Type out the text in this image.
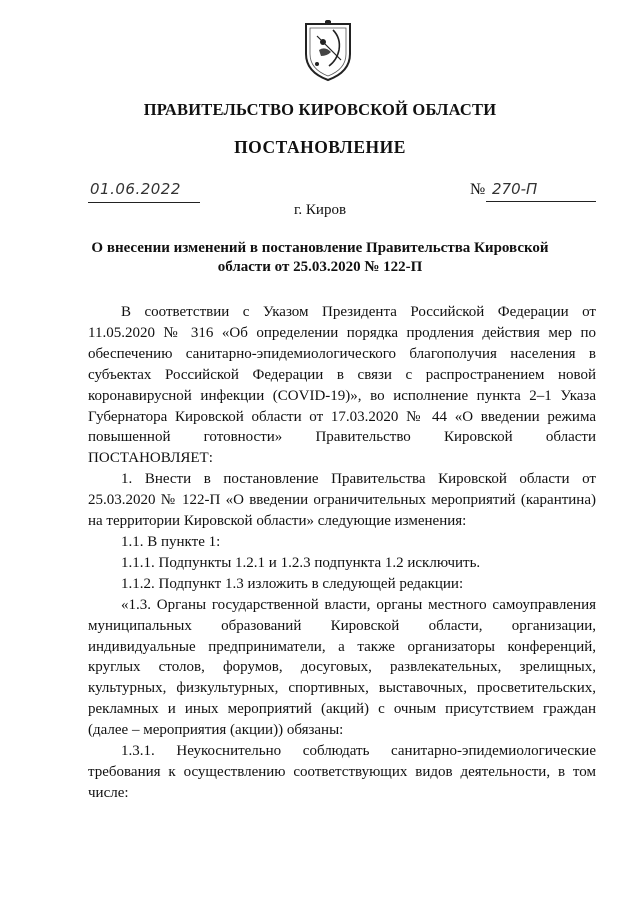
ПРАВИТЕЛЬСТВО КИРОВСКОЙ ОБЛАСТИ
ПОСТАНОВЛЕНИЕ
01.06.2022	№ 270-П
г. Киров
О внесении изменений в постановление Правительства Кировской области от 25.03.2020 № 122-П

В соответствии с Указом Президента Российской Федерации от 11.05.2020 № 316 «Об определении порядка продления действия мер по обеспечению санитарно-эпидемиологического благополучия населения в субъектах Российской Федерации в связи с распространением новой коронавирусной инфекции (COVID-19)», во исполнение пункта 2–1 Указа Губернатора Кировской области от 17.03.2020 № 44 «О введении режима повышенной готовности» Правительство Кировской области ПОСТАНОВЛЯЕТ:

1. Внести в постановление Правительства Кировской области от 25.03.2020 № 122-П «О введении ограничительных мероприятий (карантина) на территории Кировской области» следующие изменения:

1.1. В пункте 1:

1.1.1. Подпункты 1.2.1 и 1.2.3 подпункта 1.2 исключить.

1.1.2. Подпункт 1.3 изложить в следующей редакции:

«1.3. Органы государственной власти, органы местного самоуправления муниципальных образований Кировской области, организации, индивидуальные предприниматели, а также организаторы конференций, круглых столов, форумов, досуговых, развлекательных, зрелищных, культурных, физкультурных, спортивных, выставочных, просветительских, рекламных и иных мероприятий (акций) с очным присутствием граждан (далее – мероприятия (акции)) обязаны:

1.3.1. Неукоснительно соблюдать санитарно-эпидемиологические требования к осуществлению соответствующих видов деятельности, в том числе:
